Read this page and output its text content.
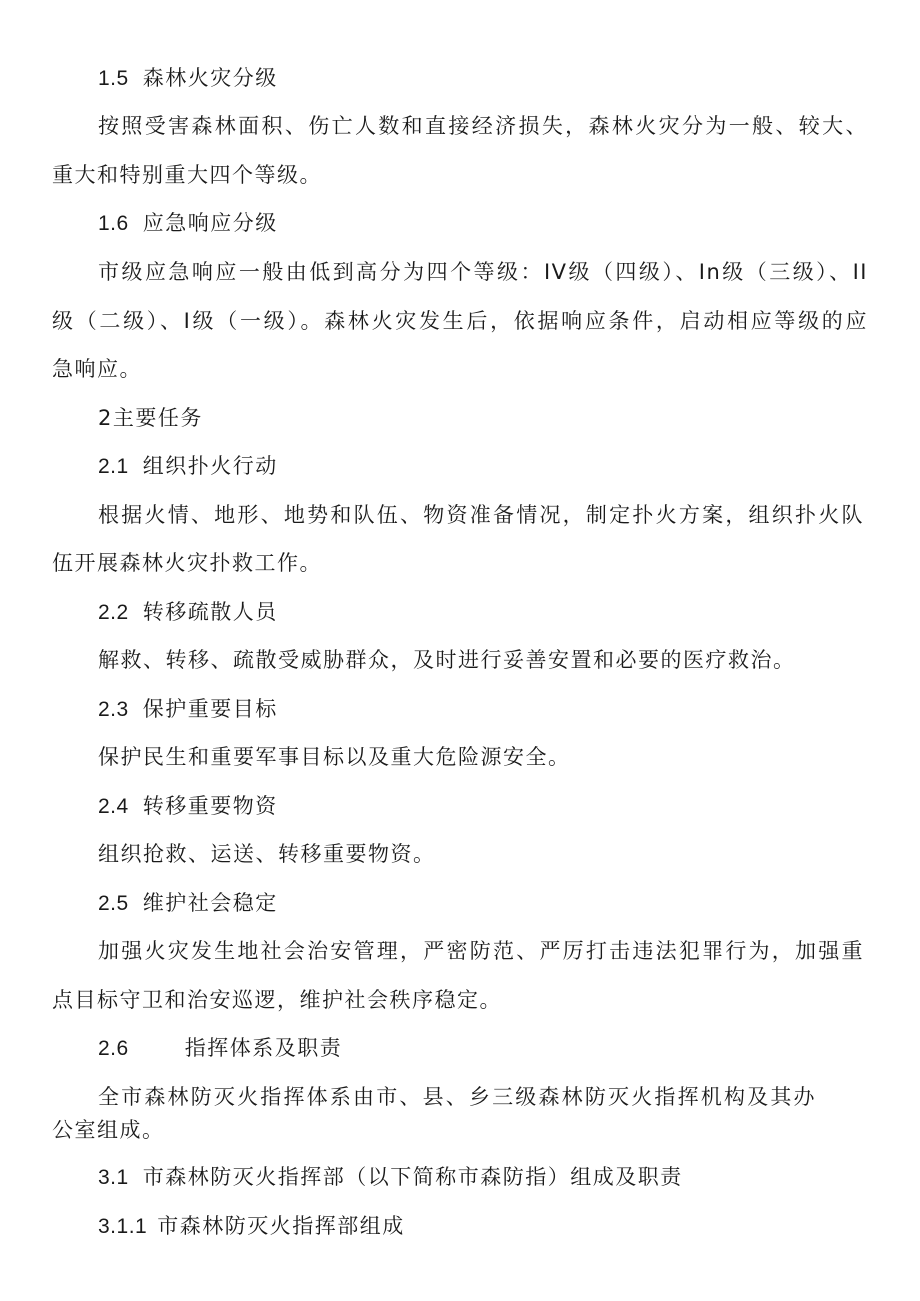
1.5 森林火灾分级
按照受害森林面积、伤亡人数和直接经济损失，森林火灾分为一般、较大、
重大和特别重大四个等级。
1.6 应急响应分级
市级应急响应一般由低到高分为四个等级：IV级（四级）、In级（三级）、II
级（二级）、I级（一级）。森林火灾发生后，依据响应条件，启动相应等级的应
急响应。
2主要任务
2.1 组织扑火行动
根据火情、地形、地势和队伍、物资准备情况，制定扑火方案，组织扑火队
伍开展森林火灾扑救工作。
2.2 转移疏散人员
解救、转移、疏散受威胁群众，及时进行妥善安置和必要的医疗救治。
2.3 保护重要目标
保护民生和重要军事目标以及重大危险源安全。
2.4 转移重要物资
组织抢救、运送、转移重要物资。
2.5 维护社会稳定
加强火灾发生地社会治安管理，严密防范、严厉打击违法犯罪行为，加强重
点目标守卫和治安巡逻，维护社会秩序稳定。
2.6	指挥体系及职责
全市森林防灭火指挥体系由市、县、乡三级森林防灭火指挥机构及其办
公室组成。
3.1 市森林防灭火指挥部（以下简称市森防指）组成及职责
3.1.1 市森林防灭火指挥部组成
